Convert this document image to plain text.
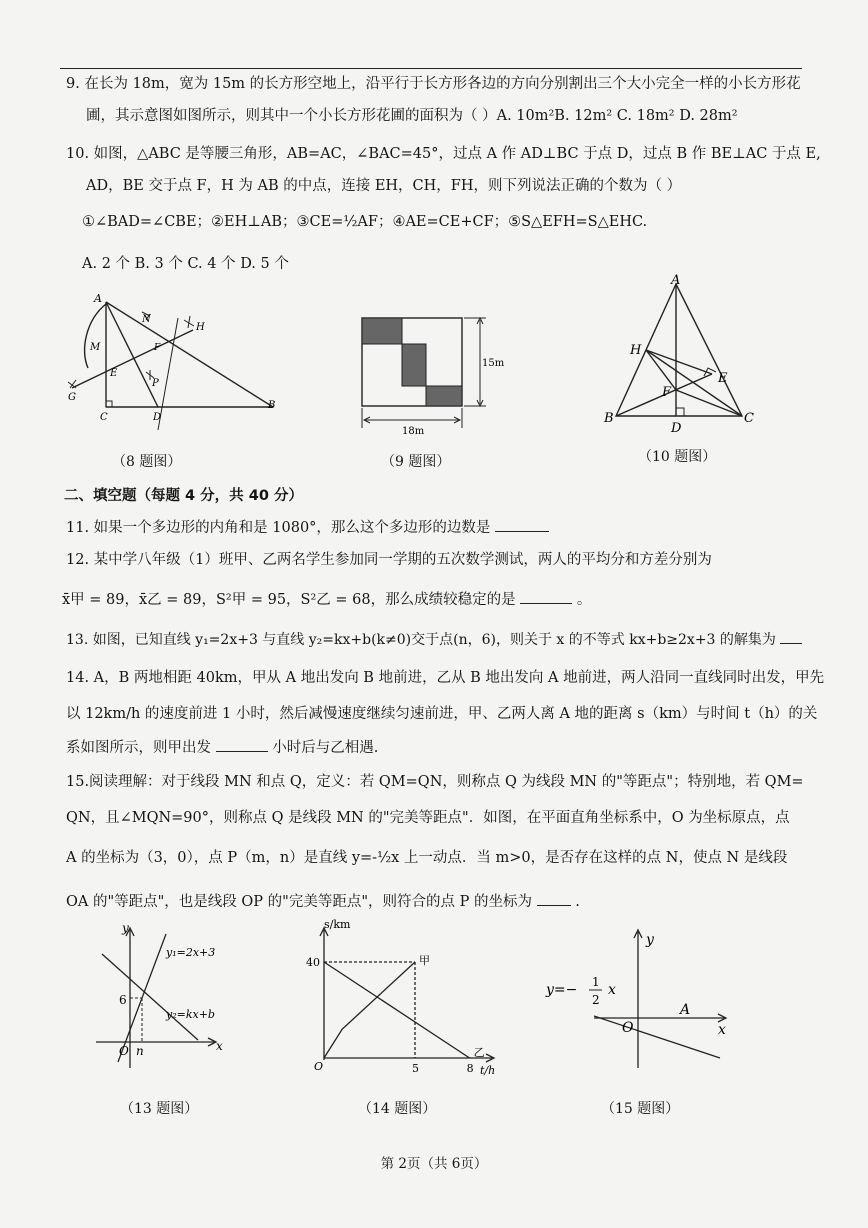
9. 在长为 18m，宽为 15m 的长方形空地上，沿平行于长方形各边的方向分别割出三个大小完全一样的小长方形花
圃，其示意图如图所示，则其中一个小长方形花圃的面积为（ ）A. 10m²B. 12m² C. 18m² D. 28m²
10. 如图，△ABC 是等腰三角形，AB=AC，∠BAC=45°，过点 A 作 AD⊥BC 于点 D，过点 B 作 BE⊥AC 于点 E,
AD，BE 交于点 F，H 为 AB 的中点，连接 EH，CH，FH，则下列说法正确的个数为（ ）
①∠BAD=∠CBE；②EH⊥AB；③CE=½AF；④AE=CE+CF；⑤S△EFH=S△EHC.
A. 2 个 B. 3 个 C. 4 个 D. 5 个
A
N
H
M	F
E
P
G
C	D
B
（8 题图）
15m
18m
（9 题图）
A
H
E
F
B
D
C
（10 题图）
二、填空题（每题 4 分，共 40 分）
11. 如果一个多边形的内角和是 1080°，那么这个多边形的边数是
12. 某中学八年级（1）班甲、乙两名学生参加同一学期的五次数学测试，两人的平均分和方差分别为
x̄甲 = 89，x̄乙 = 89，S²甲 = 95，S²乙 = 68，那么成绩较稳定的是	。
13. 如图，已知直线 y₁=2x+3 与直线 y₂=kx+b(k≠0)交于点(n，6)，则关于 x 的不等式 kx+b≥2x+3 的解集为
14. A，B 两地相距 40km，甲从 A 地出发向 B 地前进，乙从 B 地出发向 A 地前进，两人沿同一直线同时出发，甲先
以 12km/h 的速度前进 1 小时，然后减慢速度继续匀速前进，甲、乙两人离 A 地的距离 s（km）与时间 t（h）的关
系如图所示，则甲出发	小时后与乙相遇.
15.阅读理解：对于线段 MN 和点 Q，定义：若 QM=QN，则称点 Q 为线段 MN 的"等距点"；特别地，若 QM=
QN，且∠MQN=90°，则称点 Q 是线段 MN 的"完美等距点"．如图，在平面直角坐标系中，O 为坐标原点，点
A 的坐标为（3，0），点 P（m，n）是直线 y=-½x 上一动点．当 m>0，是否存在这样的点 N，使点 N 是线段
OA 的"等距点"，也是线段 OP 的"完美等距点"，则符合的点 P 的坐标为	.
y
x
O n
6
y₁=2x+3
y₂=kx+b
（13 题图）
s/km
t/h
O
40
5	8
甲
乙
（14 题图）
y
x
O
A
y=− 1
2
x
（15 题图）
第 2页（共 6页）
